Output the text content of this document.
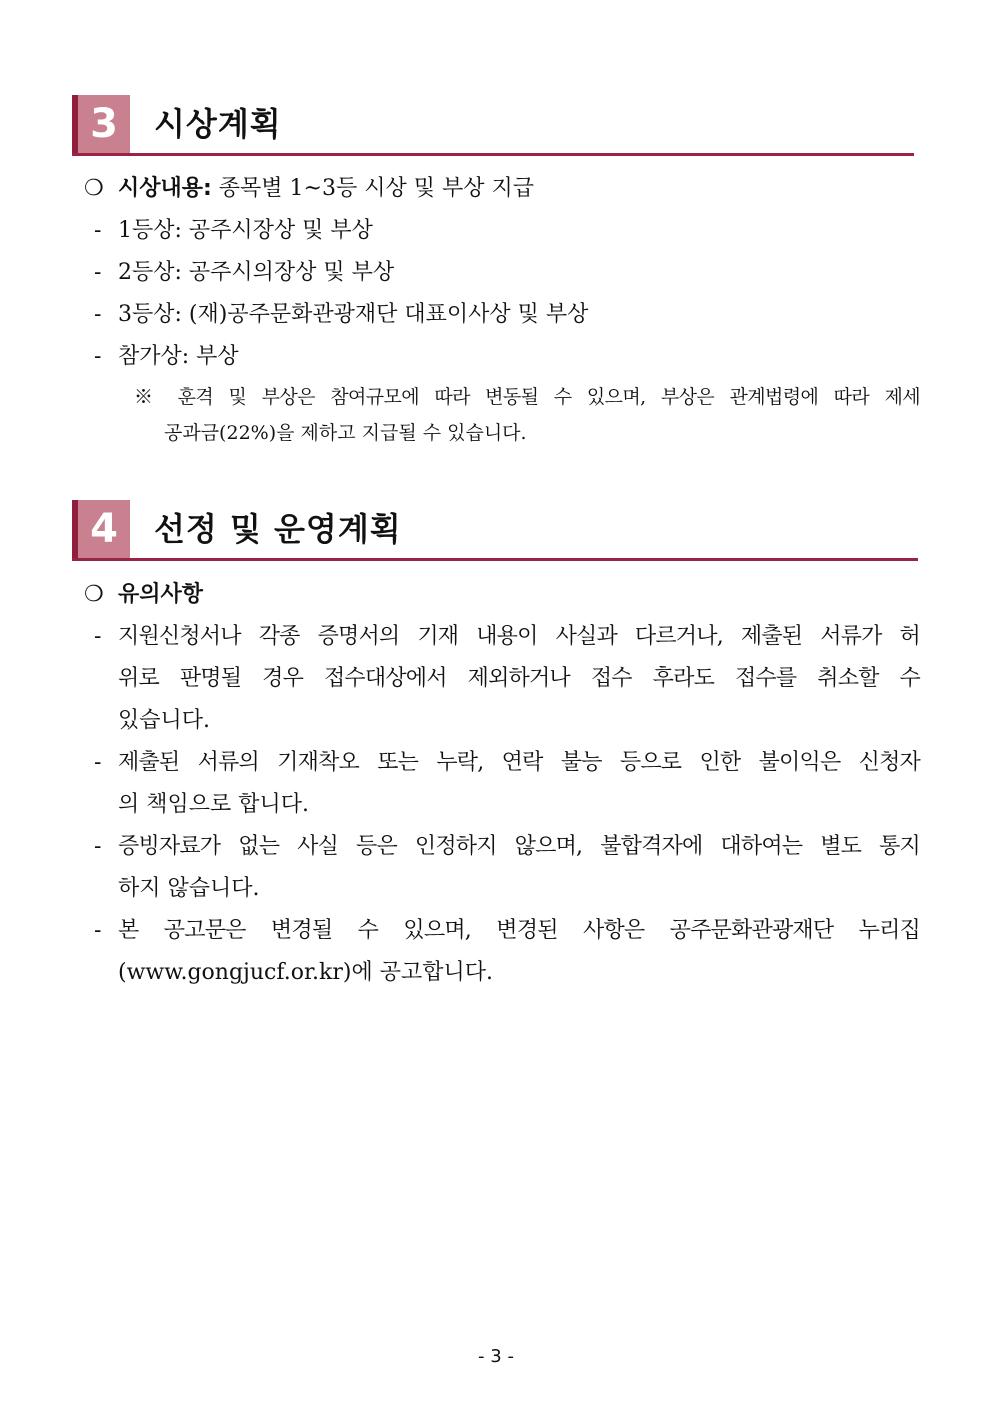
3	시상계획
❍ 시상내용: 종목별 1~3등 시상 및 부상 지급
- 1등상: 공주시장상 및 부상
- 2등상: 공주시의장상 및 부상
- 3등상: (재)공주문화관광재단 대표이사상 및 부상
- 참가상: 부상
※ 훈격 및 부상은 참여규모에 따라 변동될 수 있으며, 부상은 관계법령에 따라 제세
공과금(22%)을 제하고 지급될 수 있습니다.
4	선정 및 운영계획
❍ 유의사항
- 지원신청서나 각종 증명서의 기재 내용이 사실과 다르거나, 제출된 서류가 허
위로 판명될 경우 접수대상에서 제외하거나 접수 후라도 접수를 취소할 수
있습니다.
- 제출된 서류의 기재착오 또는 누락, 연락 불능 등으로 인한 불이익은 신청자
의 책임으로 합니다.
- 증빙자료가 없는 사실 등은 인정하지 않으며, 불합격자에 대하여는 별도 통지
하지 않습니다.
- 본 공고문은 변경될 수 있으며, 변경된 사항은 공주문화관광재단 누리집
(www.gongjucf.or.kr)에 공고합니다.
- 3 -
